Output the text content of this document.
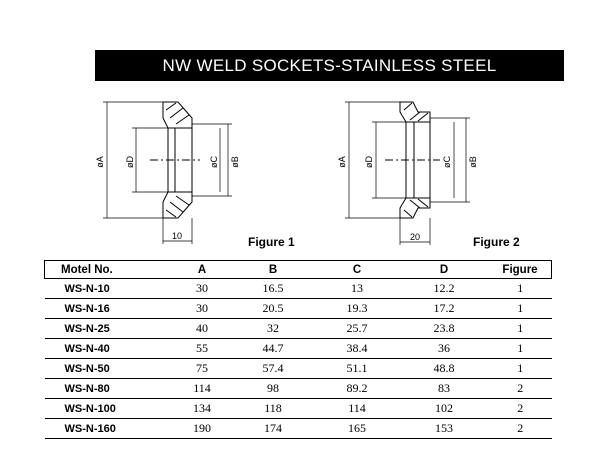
NW WELD SOCKETS-STAINLESS STEEL
øA øD	øC øB
10	Figure 1
øA øD	øC øB
20	Figure 2
Motel No.	A	B	C	D	Figure
WS-N-10	30	16.5	13	12.2	1
WS-N-16	30	20.5	19.3	17.2	1
WS-N-25	40	32	25.7	23.8	1
WS-N-40	55	44.7	38.4	36	1
WS-N-50	75	57.4	51.1	48.8	1
WS-N-80	114	98	89.2	83	2
WS-N-100	134	118	114	102	2
WS-N-160	190	174	165	153	2
